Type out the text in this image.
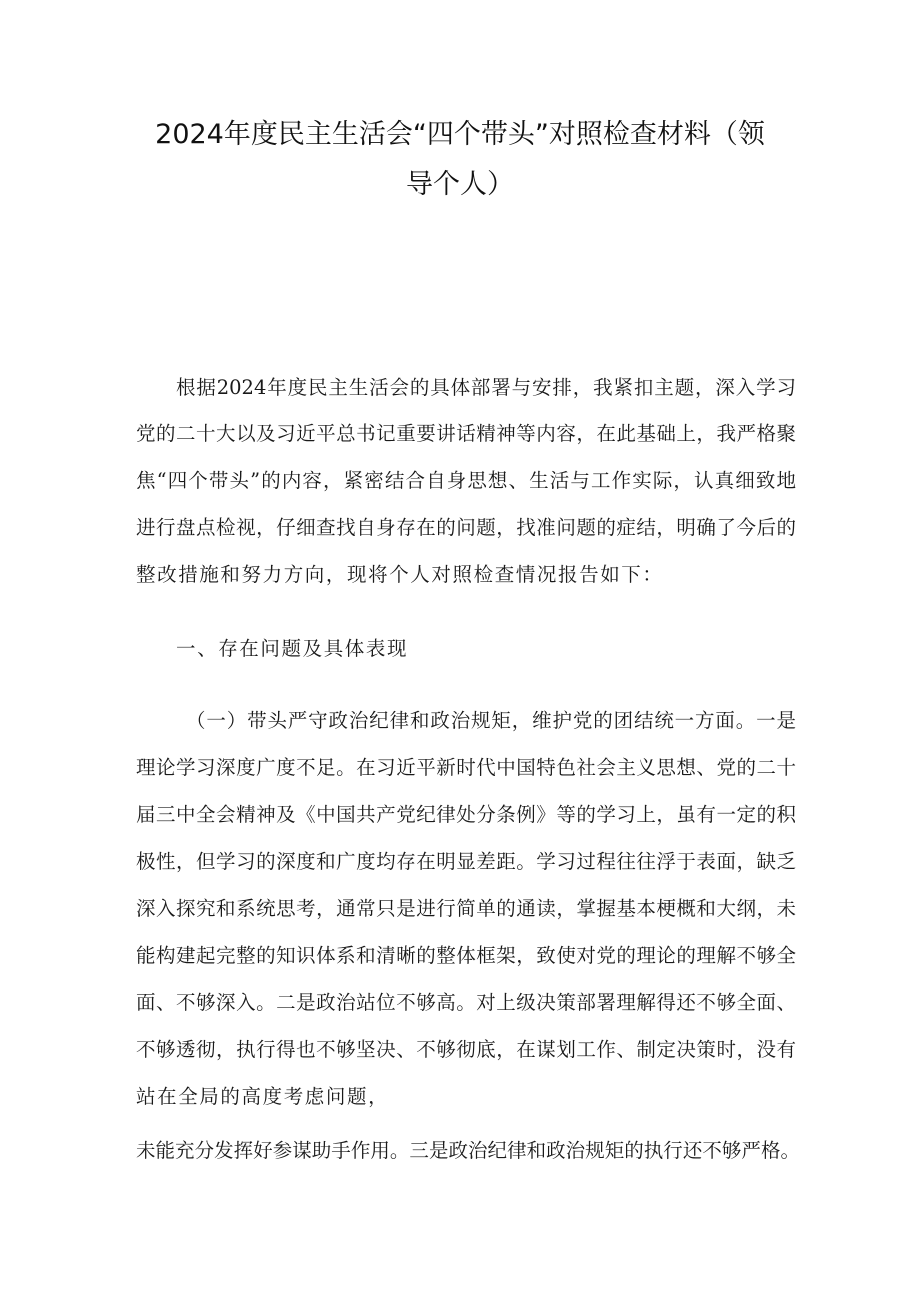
2024年度民主生活会“四个带头”对照检查材料（领
导个人）
根据2024年度民主生活会的具体部署与安排，我紧扣主题，深入学习
党的二十大以及习近平总书记重要讲话精神等内容，在此基础上，我严格聚
焦“四个带头”的内容，紧密结合自身思想、生活与工作实际，认真细致地
进行盘点检视，仔细查找自身存在的问题，找准问题的症结，明确了今后的
整改措施和努力方向，现将个人对照检查情况报告如下：
一、存在问题及具体表现
（一）带头严守政治纪律和政治规矩，维护党的团结统一方面。一是
理论学习深度广度不足。在习近平新时代中国特色社会主义思想、党的二十
届三中全会精神及《中国共产党纪律处分条例》等的学习上，虽有一定的积
极性，但学习的深度和广度均存在明显差距。学习过程往往浮于表面，缺乏
深入探究和系统思考，通常只是进行简单的通读，掌握基本梗概和大纲，未
能构建起完整的知识体系和清晰的整体框架，致使对党的理论的理解不够全
面、不够深入。二是政治站位不够高。对上级决策部署理解得还不够全面、
不够透彻，执行得也不够坚决、不够彻底，在谋划工作、制定决策时，没有
站在全局的高度考虑问题，
未能充分发挥好参谋助手作用。三是政治纪律和政治规矩的执行还不够严格。
